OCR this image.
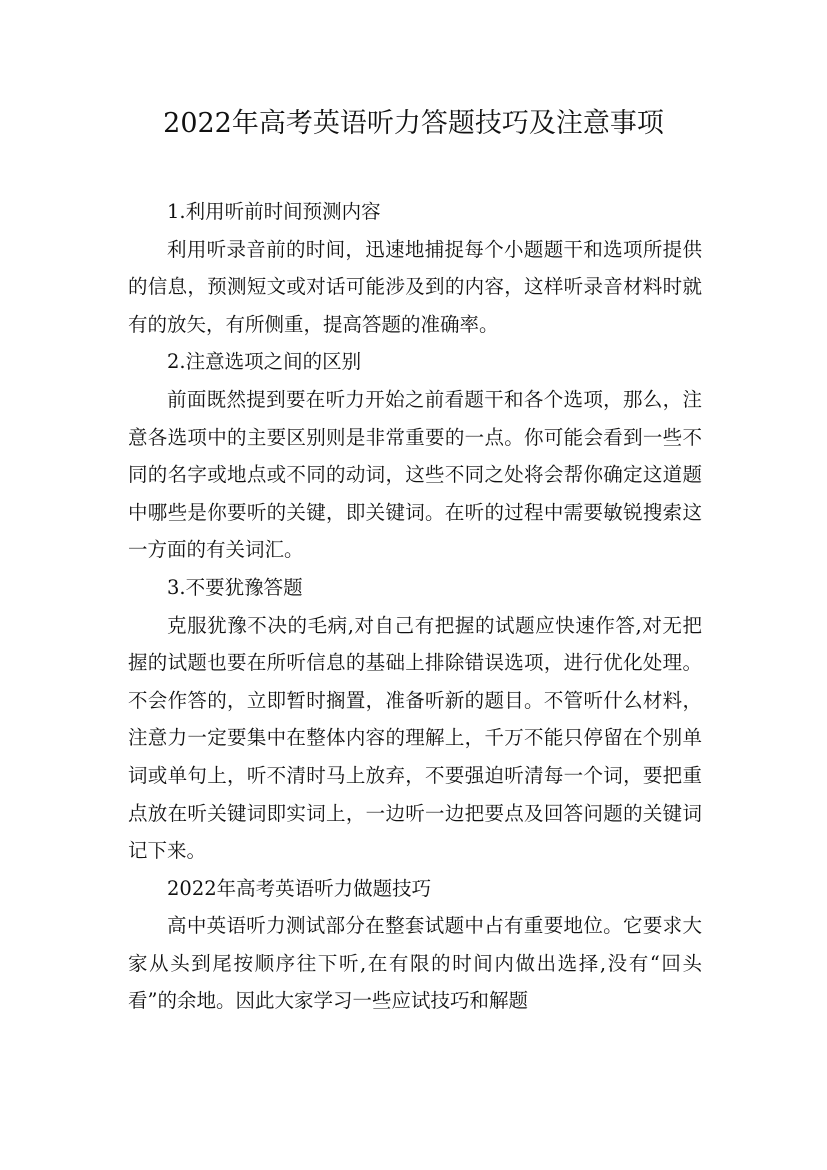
2022年高考英语听力答题技巧及注意事项

1.利用听前时间预测内容

利用听录音前的时间，迅速地捕捉每个小题题干和选项所提供的信息，预测短文或对话可能涉及到的内容，这样听录音材料时就有的放矢，有所侧重，提高答题的准确率。

2.注意选项之间的区别

前面既然提到要在听力开始之前看题干和各个选项，那么，注意各选项中的主要区别则是非常重要的一点。你可能会看到一些不同的名字或地点或不同的动词，这些不同之处将会帮你确定这道题中哪些是你要听的关键，即关键词。在听的过程中需要敏锐搜索这一方面的有关词汇。

3.不要犹豫答题

克服犹豫不决的毛病,对自己有把握的试题应快速作答,对无把握的试题也要在所听信息的基础上排除错误选项，进行优化处理。不会作答的，立即暂时搁置，准备听新的题目。不管听什么材料，注意力一定要集中在整体内容的理解上，千万不能只停留在个别单词或单句上，听不清时马上放弃，不要强迫听清每一个词，要把重点放在听关键词即实词上，一边听一边把要点及回答问题的关键词记下来。

2022年高考英语听力做题技巧

高中英语听力测试部分在整套试题中占有重要地位。它要求大家从头到尾按顺序往下听,在有限的时间内做出选择,没有“回头看”的余地。因此大家学习一些应试技巧和解题
